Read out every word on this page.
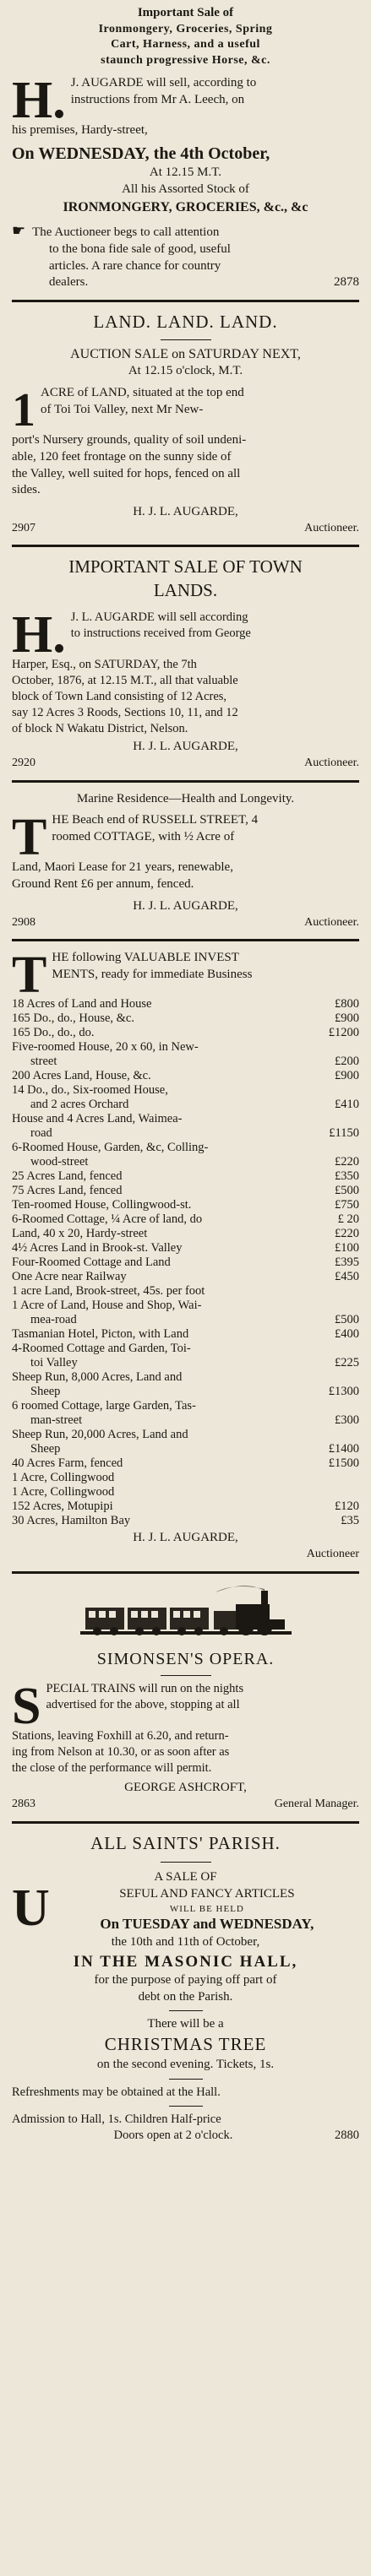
Important Sale of

Ironmongery, Groceries, Spring

Cart, Harness, and a useful

staunch progressive Horse, &c.

H. J. AUGARDE will sell, according to

instructions from Mr A. Leech, on

his premises, Hardy-street,

On WEDNESDAY, the 4th October,

At 12.15 M.T.

All his Assorted Stock of

IRONMONGERY, GROCERIES, &c., &c

☛ The Auctioneer begs to call attention

to the bona fide sale of good, useful

articles. A rare chance for country

dealers.	2878

LAND. LAND. LAND.

AUCTION SALE on SATURDAY NEXT,

At 12.15 o'clock, M.T.

1 ACRE of LAND, situated at the top end

of Toi Toi Valley, next Mr New-

port's Nursery grounds, quality of soil undeni-

able, 120 feet frontage on the sunny side of

the Valley, well suited for hops, fenced on all

sides.

H. J. L. AUGARDE,

2907	Auctioneer.

IMPORTANT SALE OF TOWN

LANDS.

H. J. L. AUGARDE will sell according

to instructions received from George

Harper, Esq., on SATURDAY, the 7th

October, 1876, at 12.15 M.T., all that valuable

block of Town Land consisting of 12 Acres,

say 12 Acres 3 Roods, Sections 10, 11, and 12

of block N Wakatu District, Nelson.

H. J. L. AUGARDE,

2920	Auctioneer.

Marine Residence—Health and Longevity.

T HE Beach end of RUSSELL STREET, 4

roomed COTTAGE, with ½ Acre of

Land, Maori Lease for 21 years, renewable,

Ground Rent £6 per annum, fenced.

H. J. L. AUGARDE,

2908	Auctioneer.

T HE following VALUABLE INVEST

MENTS, ready for immediate Business

18 Acres of Land and House	£800
165 Do., do., House, &c.	£900
165 Do., do., do.	£1200
Five-roomed House, 20 x 60, in New-
street	£200
200 Acres Land, House, &c.	£900
14 Do., do., Six-roomed House,
and 2 acres Orchard	£410
House and 4 Acres Land, Waimea-
road	£1150
6-Roomed House, Garden, &c, Colling-
wood-street	£220
25 Acres Land, fenced	£350
75 Acres Land, fenced	£500
Ten-roomed House, Collingwood-st.	£750
6-Roomed Cottage, ¼ Acre of land, do	£ 20
Land, 40 x 20, Hardy-street	£220
4½ Acres Land in Brook-st. Valley	£100
Four-Roomed Cottage and Land	£395
One Acre near Railway	£450
1 acre Land, Brook-street, 45s. per foot
1 Acre of Land, House and Shop, Wai-
mea-road	£500
Tasmanian Hotel, Picton, with Land	£400
4-Roomed Cottage and Garden, Toi-
toi Valley	£225
Sheep Run, 8,000 Acres, Land and
Sheep	£1300
6 roomed Cottage, large Garden, Tas-
man-street	£300
Sheep Run, 20,000 Acres, Land and
Sheep	£1400
40 Acres Farm, fenced	£1500
1 Acre, Collingwood
1 Acre, Collingwood
152 Acres, Motupipi	£120
30 Acres, Hamilton Bay	£35

H. J. L. AUGARDE,

Auctioneer

SIMONSEN'S OPERA.

S PECIAL TRAINS will run on the nights

advertised for the above, stopping at all

Stations, leaving Foxhill at 6.20, and return-

ing from Nelson at 10.30, or as soon after as

the close of the performance will permit.

GEORGE ASHCROFT,

2863	General Manager.

ALL SAINTS' PARISH.

A SALE OF

U	SEFUL AND FANCY ARTICLES

WILL BE HELD

On TUESDAY and WEDNESDAY,

the 10th and 11th of October,

IN THE MASONIC HALL,

for the purpose of paying off part of

debt on the Parish.

There will be a

CHRISTMAS TREE

on the second evening. Tickets, 1s.

Refreshments may be obtained at the Hall.

Admission to Hall, 1s. Children Half-price

Doors open at 2 o'clock.	2880
